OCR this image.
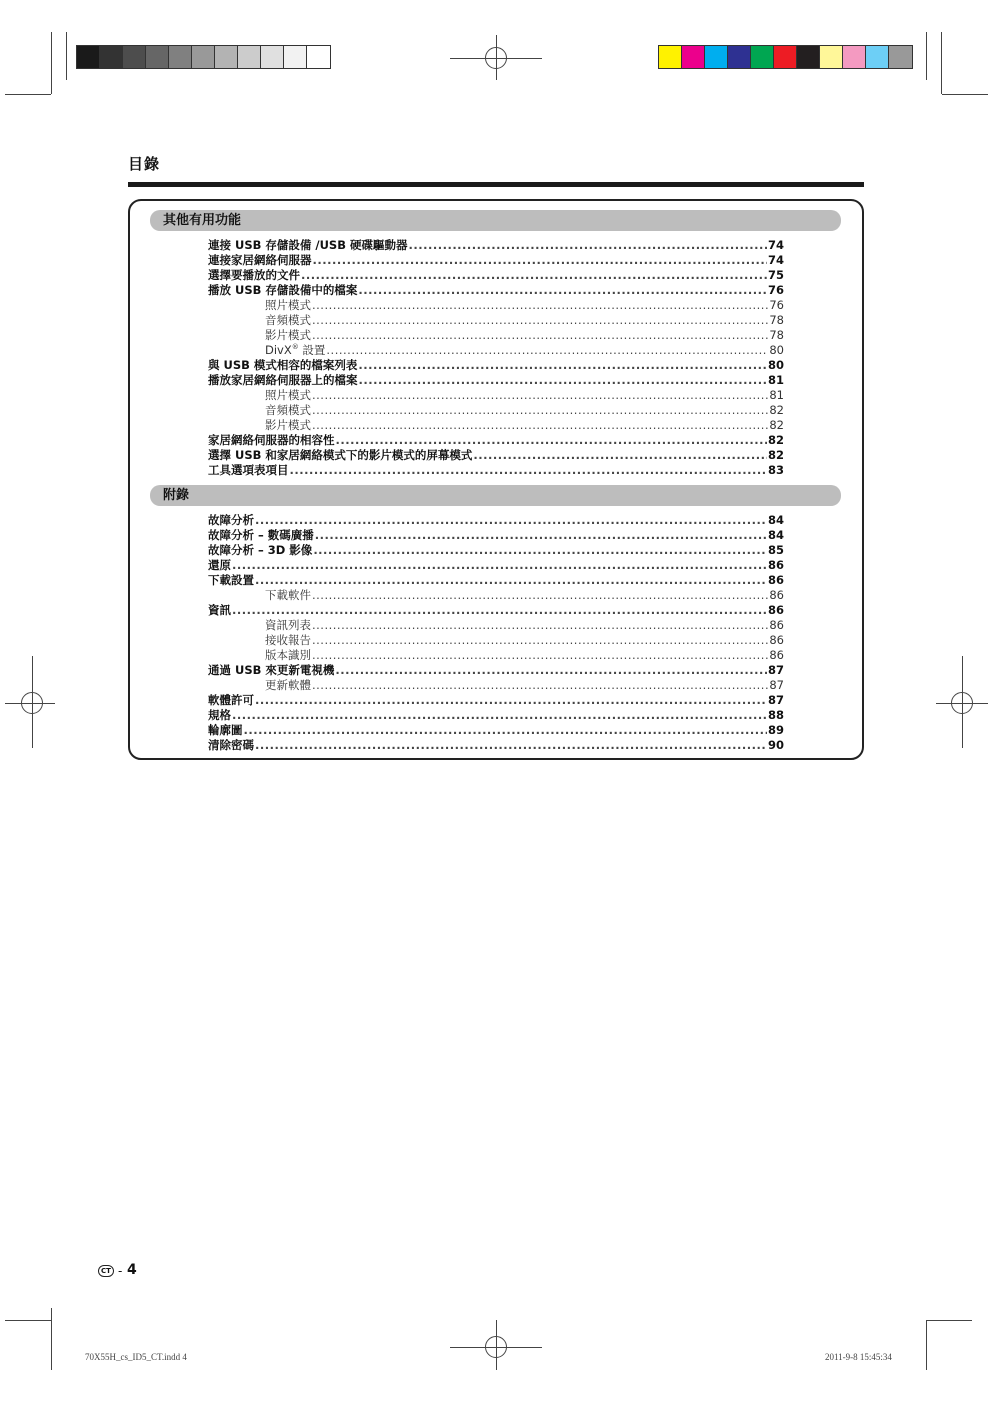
目錄
其他有用功能
附錄
連接 USB 存儲設備 /USB 硬碟驅動器 .....	74
連接家居網絡伺服器 .....	74
選擇要播放的文件 .....	75
播放 USB 存儲設備中的檔案 .....	76
照片模式 .....	76
音頻模式 .....	78
影片模式 .....	78
DivX® 設置 .....	80
與 USB 模式相容的檔案列表 .....	80
播放家居網絡伺服器上的檔案 .....	81
照片模式 .....	81
音頻模式 .....	82
影片模式 .....	82
家居網絡伺服器的相容性 .....	82
選擇 USB 和家居網絡模式下的影片模式的屏幕模式 .....	82
工具選項表項目 .....	83
故障分析 .....	84
故障分析 – 數碼廣播 .....	84
故障分析 – 3D 影像 .....	85
還原 .....	86
下載設置 .....	86
下載軟件 .....	86
資訊 .....	86
資訊列表 .....	86
接收報告 .....	86
版本識別 .....	86
通過 USB 來更新電視機 .....	87
更新軟體 .....	87
軟體許可 .....	87
規格 .....	88
輪廓圖 .....	89
清除密碼 .....	90
CT - 4
70X55H_cs_ID5_CT.indd 4	2011-9-8 15:45:34
